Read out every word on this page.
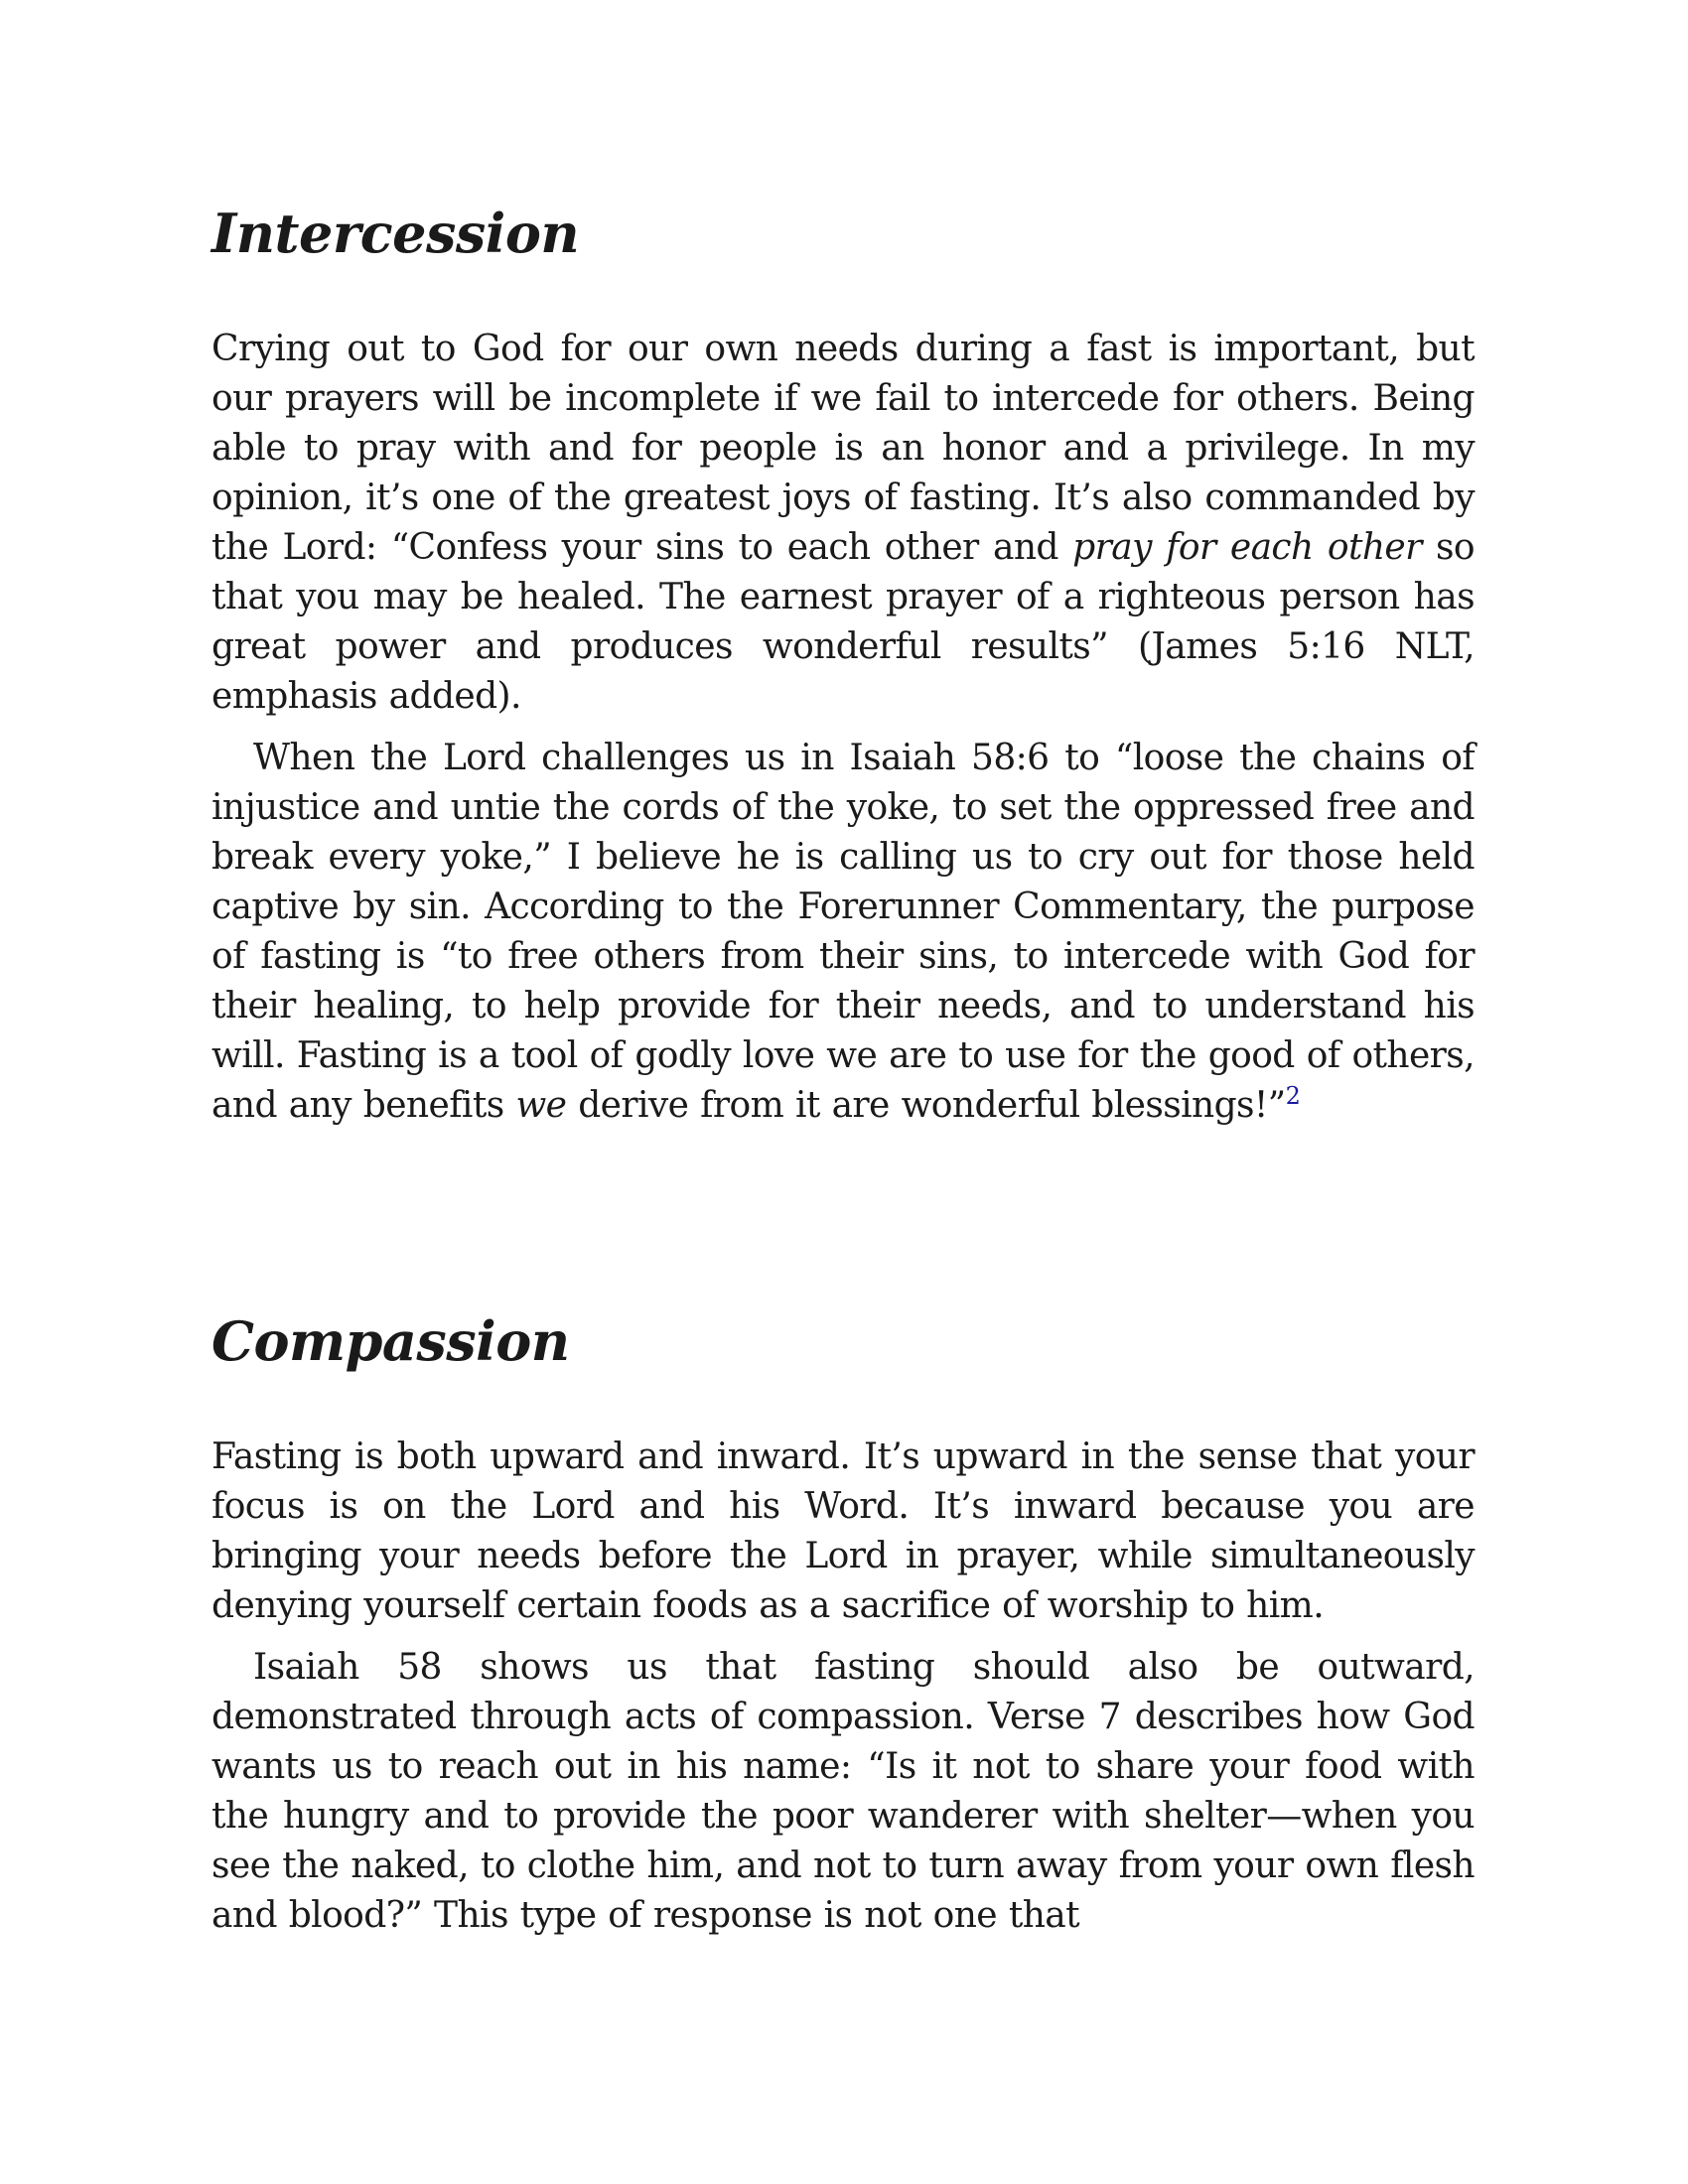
Intercession

Crying out to God for our own needs during a fast is important, but our prayers will be incomplete if we fail to intercede for others. Being able to pray with and for people is an honor and a privilege. In my opinion, it’s one of the greatest joys of fasting. It’s also commanded by the Lord: “Confess your sins to each other and pray for each other so that you may be healed. The earnest prayer of a righteous person has great power and produces wonderful results” (James 5:16 NLT, emphasis added).

When the Lord challenges us in Isaiah 58:6 to “loose the chains of injustice and untie the cords of the yoke, to set the oppressed free and break every yoke,” I believe he is calling us to cry out for those held captive by sin. According to the Forerunner Commentary, the purpose of fasting is “to free others from their sins, to intercede with God for their healing, to help provide for their needs, and to understand his will. Fasting is a tool of godly love we are to use for the good of others, and any benefits we derive from it are wonderful blessings!”$^2$

Compassion

Fasting is both upward and inward. It’s upward in the sense that your focus is on the Lord and his Word. It’s inward because you are bringing your needs before the Lord in prayer, while simultaneously denying yourself certain foods as a sacrifice of worship to him.

Isaiah 58 shows us that fasting should also be outward, demonstrated through acts of compassion. Verse 7 describes how God wants us to reach out in his name: “Is it not to share your food with the hungry and to provide the poor wanderer with shelter—when you see the naked, to clothe him, and not to turn away from your own flesh and blood?” This type of response is not one that
